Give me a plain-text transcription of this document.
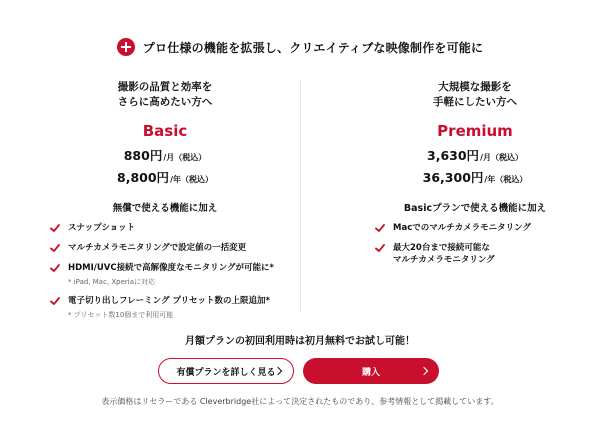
プロ仕様の機能を拡張し、クリエイティブな映像制作を可能に
撮影の品質と効率を
さらに高めたい方へ
Basic
880円/月（税込）
8,800円/年（税込）
無償で使える機能に加え
スナップショット
マルチカメラモニタリングで設定値の一括変更
HDMI/UVC接続で高解像度なモニタリングが可能に*
* iPad, Mac, Xperiaに対応
電子切り出しフレーミング プリセット数の上限追加*
* プリセット数10個まで利用可能
大規模な撮影を
手軽にしたい方へ
Premium
3,630円/月（税込）
36,300円/年（税込）
Basicプランで使える機能に加え
Macでのマルチカメラモニタリング
最大20台まで接続可能な
マルチカメラモニタリング
月額プランの初回利用時は初月無料でお試し可能！
有償プランを詳しく見る	購入
表示価格はリセラーである Cleverbridge社によって決定されたものであり、参考情報として掲載しています。
